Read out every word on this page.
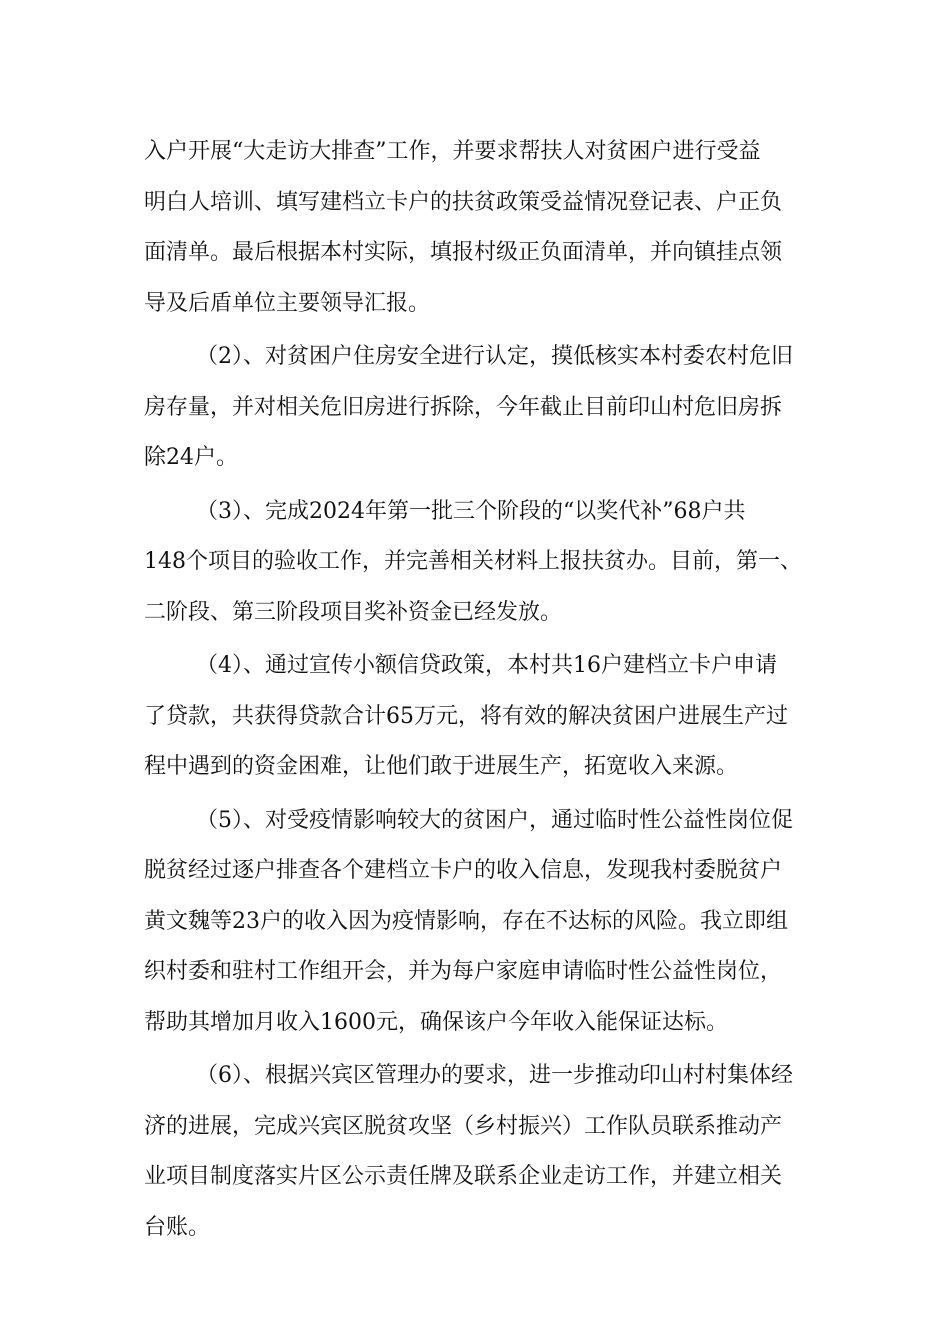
入户开展“大走访大排查”工作，并要求帮扶人对贫困户进行受益
明白人培训、填写建档立卡户的扶贫政策受益情况登记表、户正负
面清单。最后根据本村实际，填报村级正负面清单，并向镇挂点领
导及后盾单位主要领导汇报。
（2）、对贫困户住房安全进行认定，摸低核实本村委农村危旧
房存量，并对相关危旧房进行拆除，今年截止目前印山村危旧房拆
除24户。
（3）、完成2024年第一批三个阶段的“以奖代补”68户共
148个项目的验收工作，并完善相关材料上报扶贫办。目前，第一、
二阶段、第三阶段项目奖补资金已经发放。
（4）、通过宣传小额信贷政策，本村共16户建档立卡户申请
了贷款，共获得贷款合计65万元，将有效的解决贫困户进展生产过
程中遇到的资金困难，让他们敢于进展生产，拓宽收入来源。
（5）、对受疫情影响较大的贫困户，通过临时性公益性岗位促
脱贫经过逐户排查各个建档立卡户的收入信息，发现我村委脱贫户
黄文魏等23户的收入因为疫情影响，存在不达标的风险。我立即组
织村委和驻村工作组开会，并为每户家庭申请临时性公益性岗位，
帮助其增加月收入1600元，确保该户今年收入能保证达标。
（6）、根据兴宾区管理办的要求，进一步推动印山村村集体经
济的进展，完成兴宾区脱贫攻坚（乡村振兴）工作队员联系推动产
业项目制度落实片区公示责任牌及联系企业走访工作，并建立相关
台账。
